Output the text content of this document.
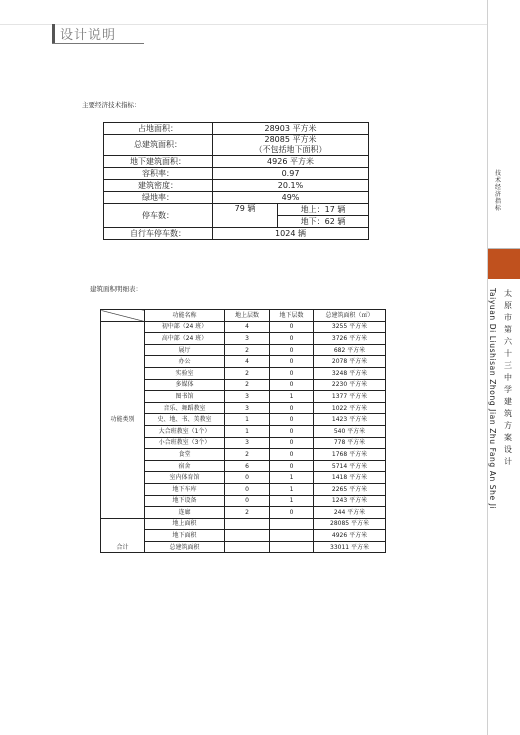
设计说明
技术经济指标
太原市第六十三中学建筑方案设计
Taiyuan Di Liushisan Zhong Jian Zhu Fang An She Ji
主要经济技术指标：
占地面积：	28903 平方米	
总建筑面积：	28085 平方米
（不包括地下面积）	

地下建筑面积：	4926 平方米	
容积率：	0.97	
建筑密度：	20.1%	
绿地率：	49%	
停车数：	79 辆	地上：17 辆
		地下：62 辆
自行车停车数：	1024 辆	
建筑面积明细表：
	功能名称	地上层数	地下层数	总建筑面积（㎡）
功能类别	初中部（24 班）	4	0	3255 平方米
	高中部（24 班）	3	0	3726 平方米
	展厅	2	0	682 平方米
	办公	4	0	2078 平方米
	实验室	2	0	3248 平方米
	多媒体	2	0	2230 平方米
	图书馆	3	1	1377 平方米
	音乐、舞蹈教室	3	0	1022 平方米
	史、地、书、美教室	1	0	1423 平方米
	大合班教室（1个）	1	0	540 平方米
	小合班教室（3个）	3	0	778 平方米
	食堂	2	0	1768 平方米
	宿舍	6	0	5714 平方米
	室内体育馆	0	1	1418 平方米
	地下车库	0	1	2265 平方米
	地下设备	0	1	1243 平方米
	连廊	2	0	244 平方米
合计	地上面积			28085 平方米
	地下面积			4926 平方米
	总建筑面积			33011 平方米
